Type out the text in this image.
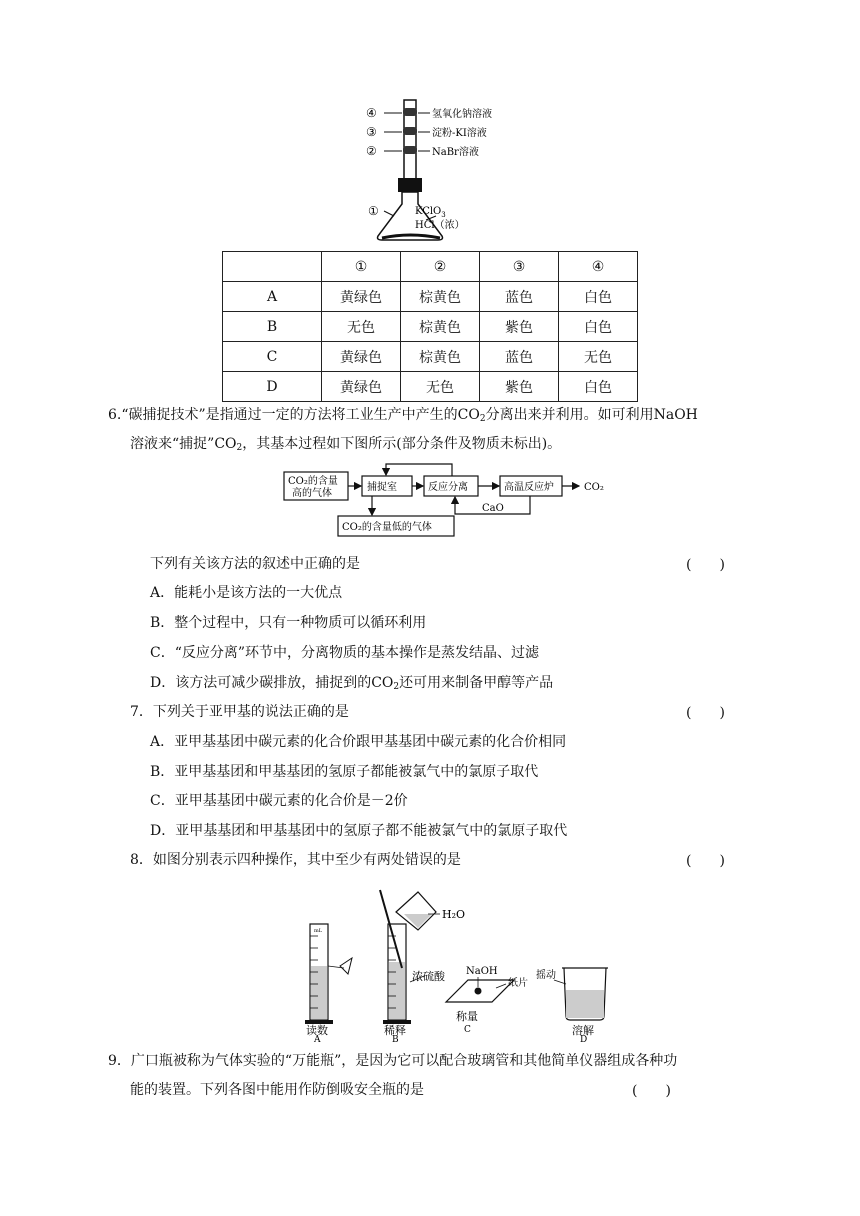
④
③
②
①
氢氧化钠溶液
淀粉-KI溶液
NaBr溶液
KClO$_3$
HCl（浓）
	①	②	③	④
A	黄绿色	棕黄色	蓝色	白色
B	无色	棕黄色	紫色	白色
C	黄绿色	棕黄色	蓝色	无色
D	黄绿色	无色	紫色	白色
6.“碳捕捉技术”是指通过一定的方法将工业生产中产生的$CO_2$分离出来并利用。如可利用NaOH
溶液来“捕捉$”CO_2$，其基本过程如下图所示(部分条件及物质未标出)。
CO₂的含量
高的气体
捕捉室	反应分离	高温反应炉	CO₂
CO₂的含量低的气体
CaO
下列有关该方法的叙述中正确的是	(　　)
A．能耗小是该方法的一大优点
B．整个过程中，只有一种物质可以循环利用
C．“反应分离”环节中，分离物质的基本操作是蒸发结晶、过滤
D．该方法可减少碳排放，捕捉到的$CO_2$还可用来制备甲醇等产品
7．下列关于亚甲基的说法正确的是	(　　)
A．亚甲基基团中碳元素的化合价跟甲基基团中碳元素的化合价相同
B．亚甲基基团和甲基基团的氢原子都能被氯气中的氯原子取代
C．亚甲基基团中碳元素的化合价是－2价
D．亚甲基基团和甲基基团中的氢原子都不能被氯气中的氯原子取代
8．如图分别表示四种操作，其中至少有两处错误的是	(　　)
mL
H₂O
浓硫酸 NaOH
纸片
摇动
读数	稀释
称量
溶解
A	B
C
D
9．广口瓶被称为气体实验的“万能瓶”，是因为它可以配合玻璃管和其他简单仪器组成各种功
能的装置。下列各图中能用作防倒吸安全瓶的是	(　　)
